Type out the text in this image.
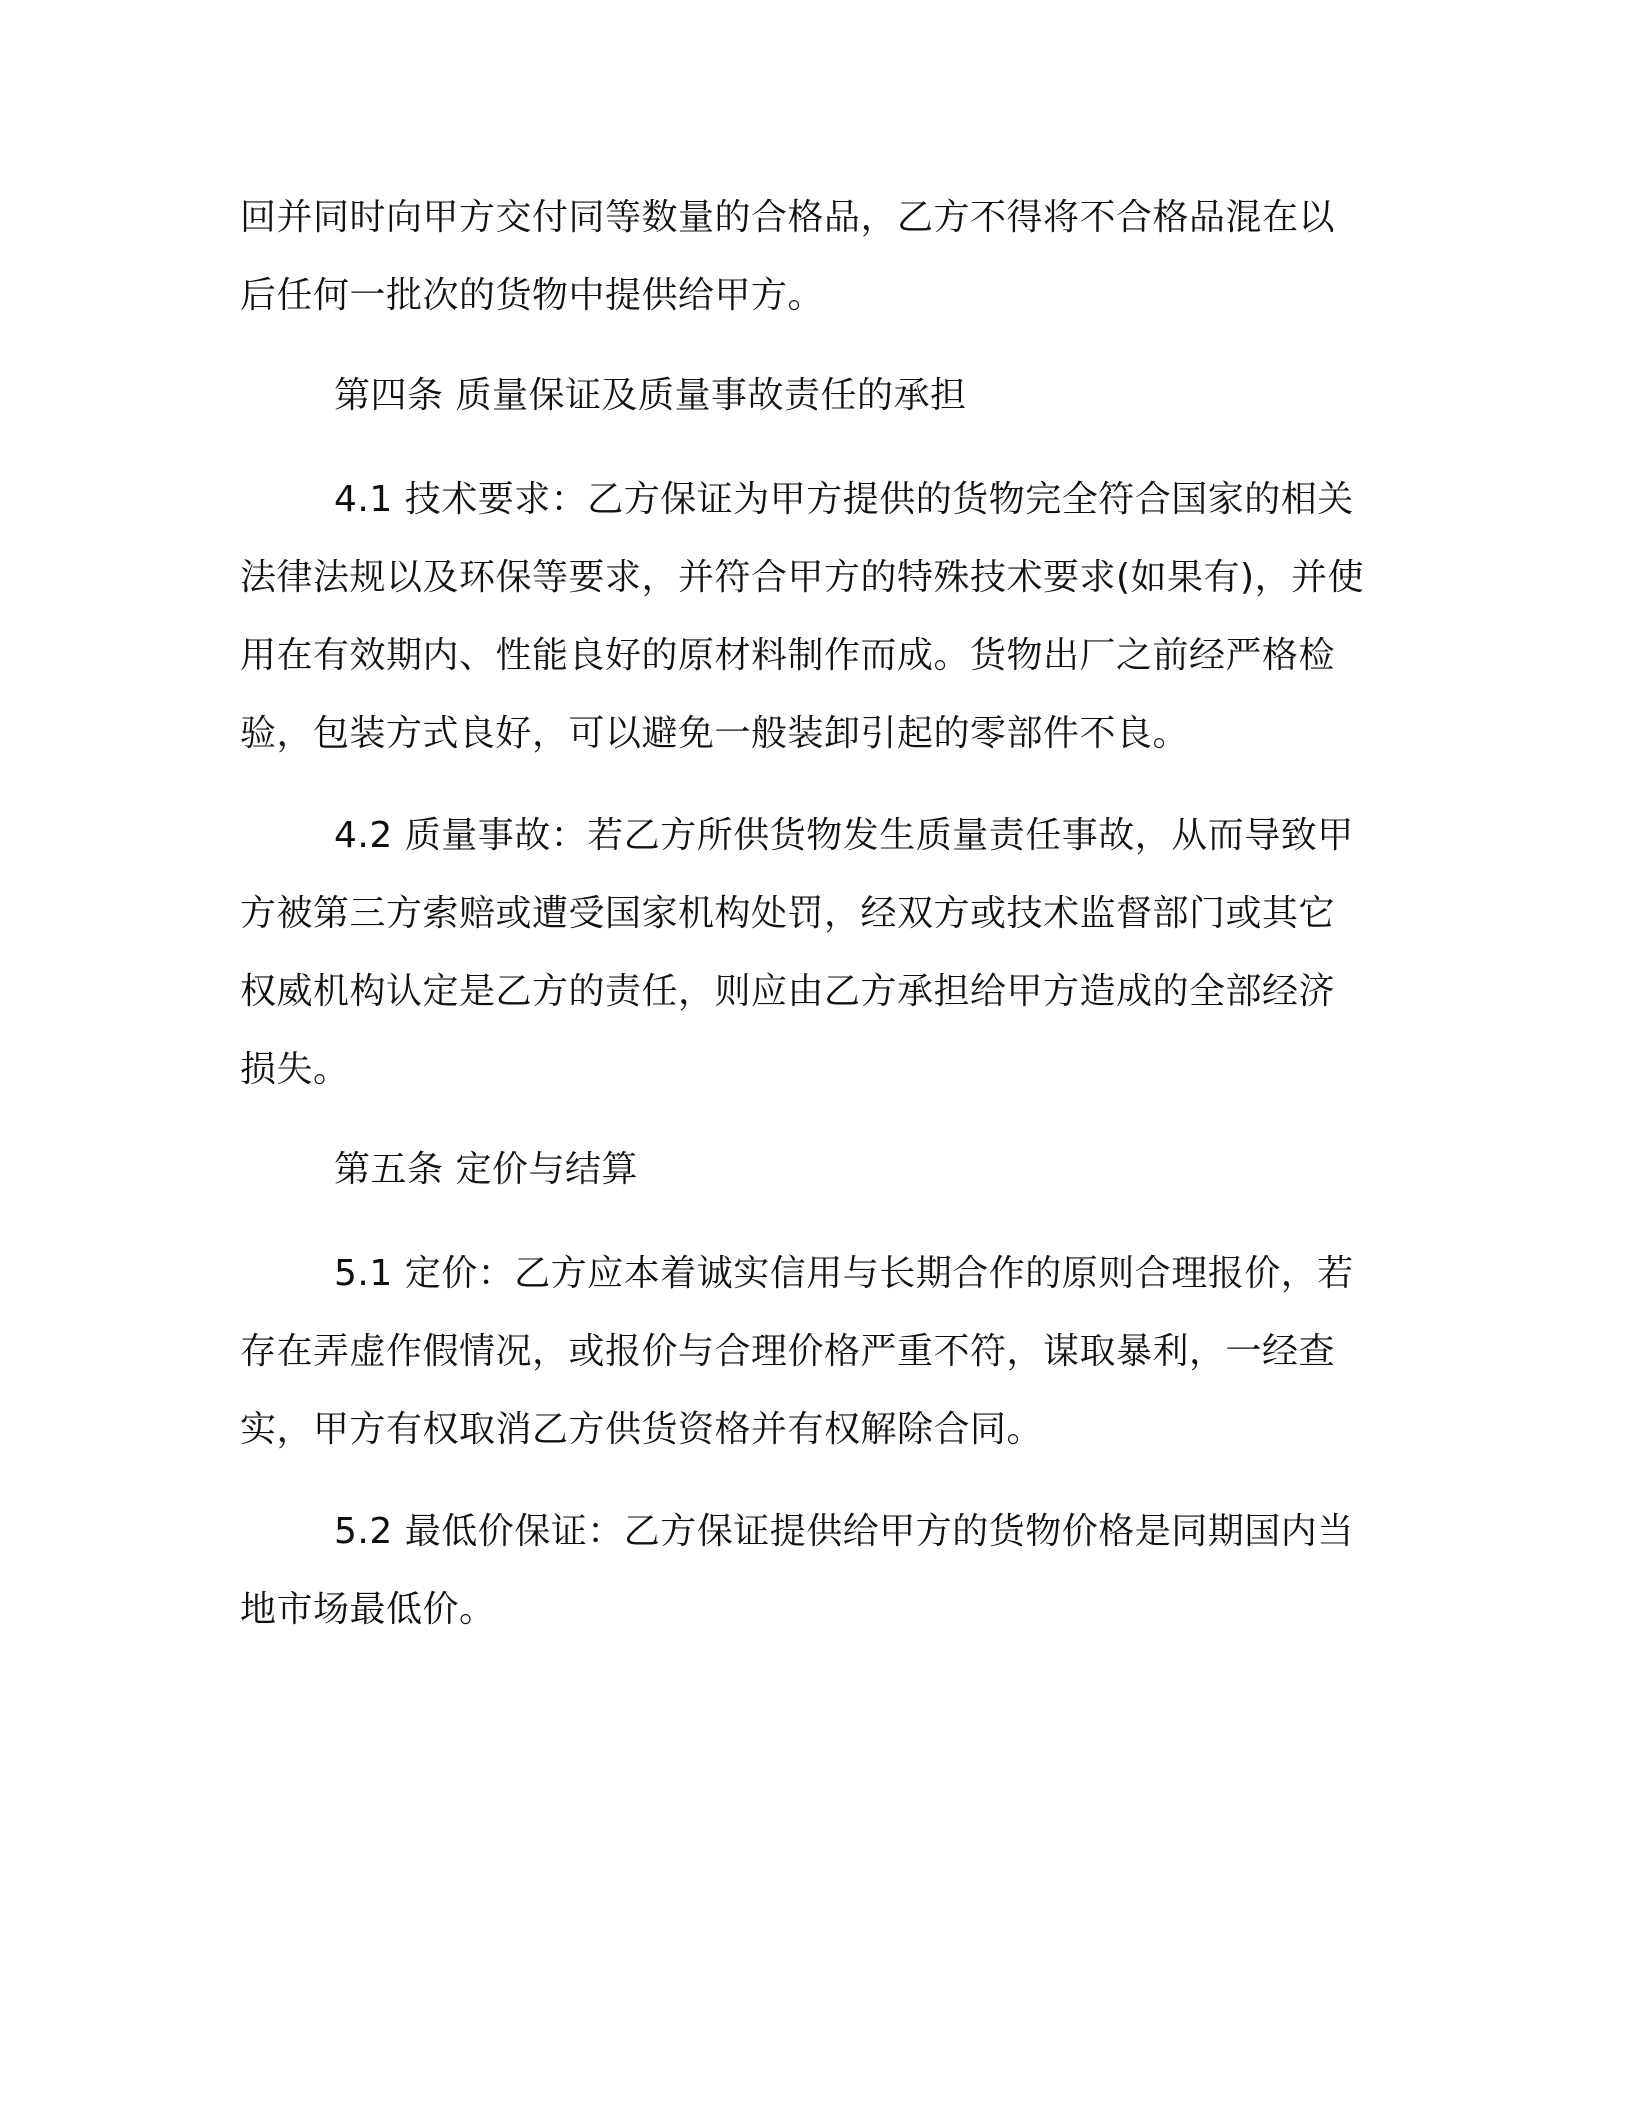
回并同时向甲方交付同等数量的合格品，乙方不得将不合格品混在以
后任何一批次的货物中提供给甲方。
第四条 质量保证及质量事故责任的承担
4.1 技术要求：乙方保证为甲方提供的货物完全符合国家的相关
法律法规以及环保等要求，并符合甲方的特殊技术要求(如果有)，并使
用在有效期内、性能良好的原材料制作而成。货物出厂之前经严格检
验，包装方式良好，可以避免一般装卸引起的零部件不良。
4.2 质量事故：若乙方所供货物发生质量责任事故，从而导致甲
方被第三方索赔或遭受国家机构处罚，经双方或技术监督部门或其它
权威机构认定是乙方的责任，则应由乙方承担给甲方造成的全部经济
损失。
第五条 定价与结算
5.1 定价：乙方应本着诚实信用与长期合作的原则合理报价，若
存在弄虚作假情况，或报价与合理价格严重不符，谋取暴利，一经查
实，甲方有权取消乙方供货资格并有权解除合同。
5.2 最低价保证：乙方保证提供给甲方的货物价格是同期国内当
地市场最低价。
